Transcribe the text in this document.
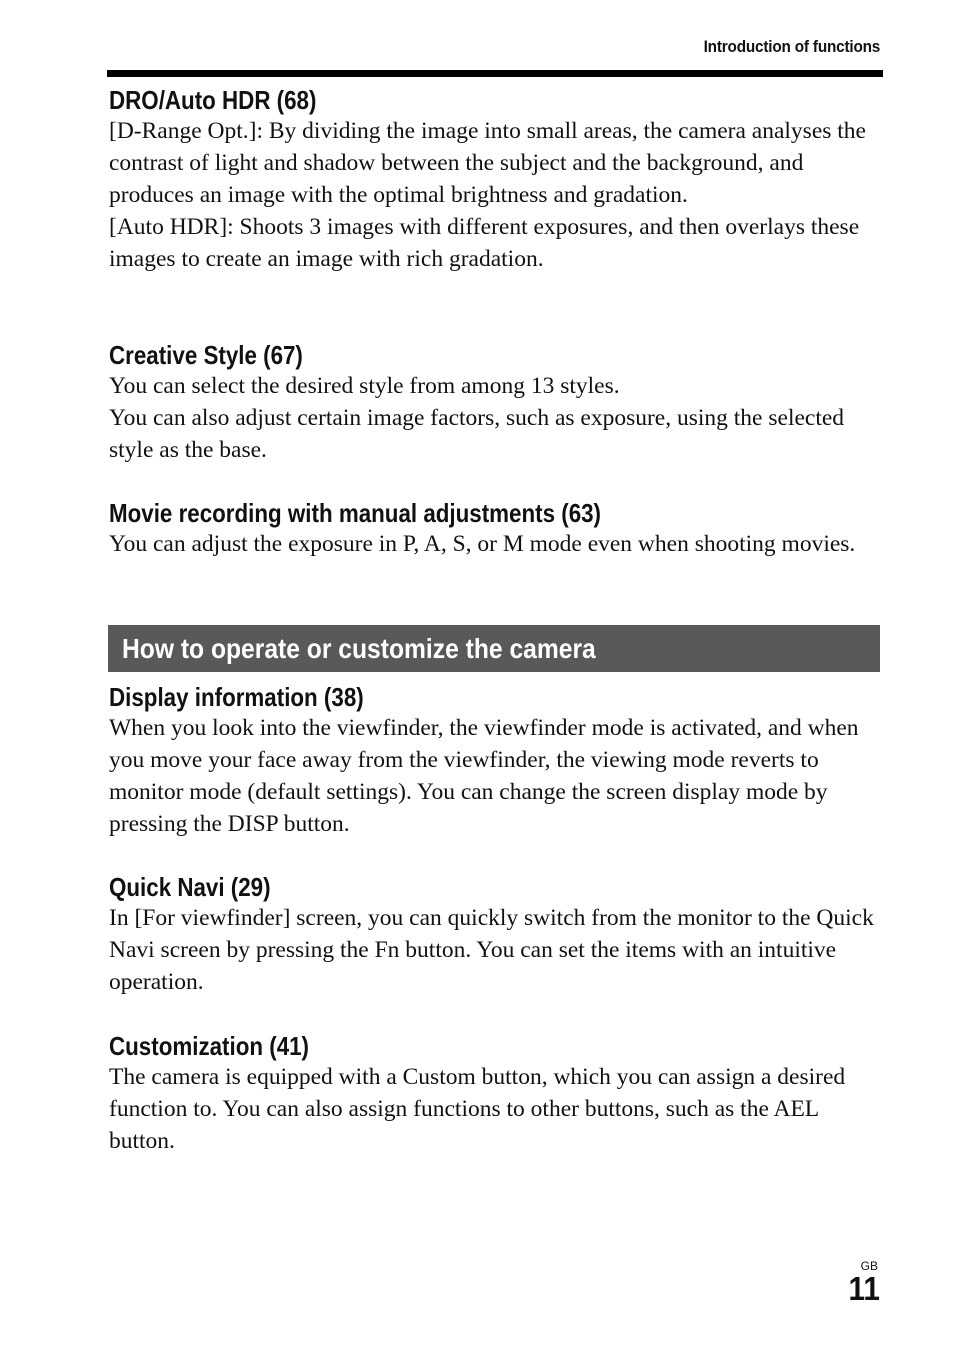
Introduction of functions
DRO/Auto HDR (68)

[D-Range Opt.]: By dividing the image into small areas, the camera analyses the contrast of light and shadow between the subject and the background, and produces an image with the optimal brightness and gradation.

[Auto HDR]: Shoots 3 images with different exposures, and then overlays these images to create an image with rich gradation.

Creative Style (67)

You can select the desired style from among 13 styles.

You can also adjust certain image factors, such as exposure, using the selected style as the base.

Movie recording with manual adjustments (63)

You can adjust the exposure in P, A, S, or M mode even when shooting movies.

How to operate or customize the camera
Display information (38)

When you look into the viewfinder, the viewfinder mode is activated, and when you move your face away from the viewfinder, the viewing mode reverts to monitor mode (default settings). You can change the screen display mode by pressing the DISP button.

Quick Navi (29)

In [For viewfinder] screen, you can quickly switch from the monitor to the Quick Navi screen by pressing the Fn button. You can set the items with an intuitive operation.

Customization (41)

The camera is equipped with a Custom button, which you can assign a desired function to. You can also assign functions to other buttons, such as the AEL button.

GB
11
